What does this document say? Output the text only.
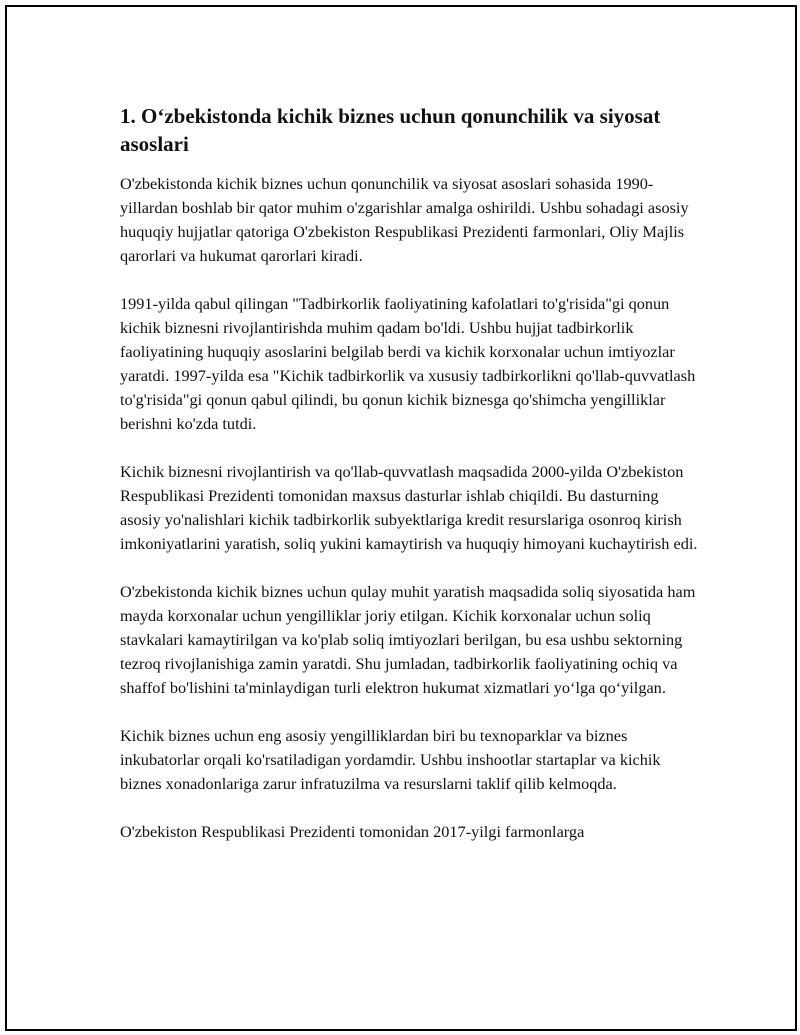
1. O‘zbekistonda kichik biznes uchun qonunchilik va siyosat asoslari

O'zbekistonda kichik biznes uchun qonunchilik va siyosat asoslari sohasida 1990-yillardan boshlab bir qator muhim o'zgarishlar amalga oshirildi. Ushbu sohadagi asosiy huquqiy hujjatlar qatoriga O'zbekiston Respublikasi Prezidenti farmonlari, Oliy Majlis qarorlari va hukumat qarorlari kiradi.

1991-yilda qabul qilingan "Tadbirkorlik faoliyatining kafolatlari to'g'risida"gi qonun kichik biznesni rivojlantirishda muhim qadam bo'ldi. Ushbu hujjat tadbirkorlik faoliyatining huquqiy asoslarini belgilab berdi va kichik korxonalar uchun imtiyozlar yaratdi. 1997-yilda esa "Kichik tadbirkorlik va xususiy tadbirkorlikni qo'llab-quvvatlash to'g'risida"gi qonun qabul qilindi, bu qonun kichik biznesga qo'shimcha yengilliklar berishni ko'zda tutdi.

Kichik biznesni rivojlantirish va qo'llab-quvvatlash maqsadida 2000-yilda O'zbekiston Respublikasi Prezidenti tomonidan maxsus dasturlar ishlab chiqildi. Bu dasturning asosiy yo'nalishlari kichik tadbirkorlik subyektlariga kredit resurslariga osonroq kirish imkoniyatlarini yaratish, soliq yukini kamaytirish va huquqiy himoyani kuchaytirish edi.

O'zbekistonda kichik biznes uchun qulay muhit yaratish maqsadida soliq siyosatida ham mayda korxonalar uchun yengilliklar joriy etilgan. Kichik korxonalar uchun soliq stavkalari kamaytirilgan va ko'plab soliq imtiyozlari berilgan, bu esa ushbu sektorning tezroq rivojlanishiga zamin yaratdi. Shu jumladan, tadbirkorlik faoliyatining ochiq va shaffof bo'lishini ta'minlaydigan turli elektron hukumat xizmatlari yo‘lga qo‘yilgan.

Kichik biznes uchun eng asosiy yengilliklardan biri bu texnoparklar va biznes inkubatorlar orqali ko'rsatiladigan yordamdir. Ushbu inshootlar startaplar va kichik biznes xonadonlariga zarur infratuzilma va resurslarni taklif qilib kelmoqda.

O'zbekiston Respublikasi Prezidenti tomonidan 2017-yilgi farmonlarga
